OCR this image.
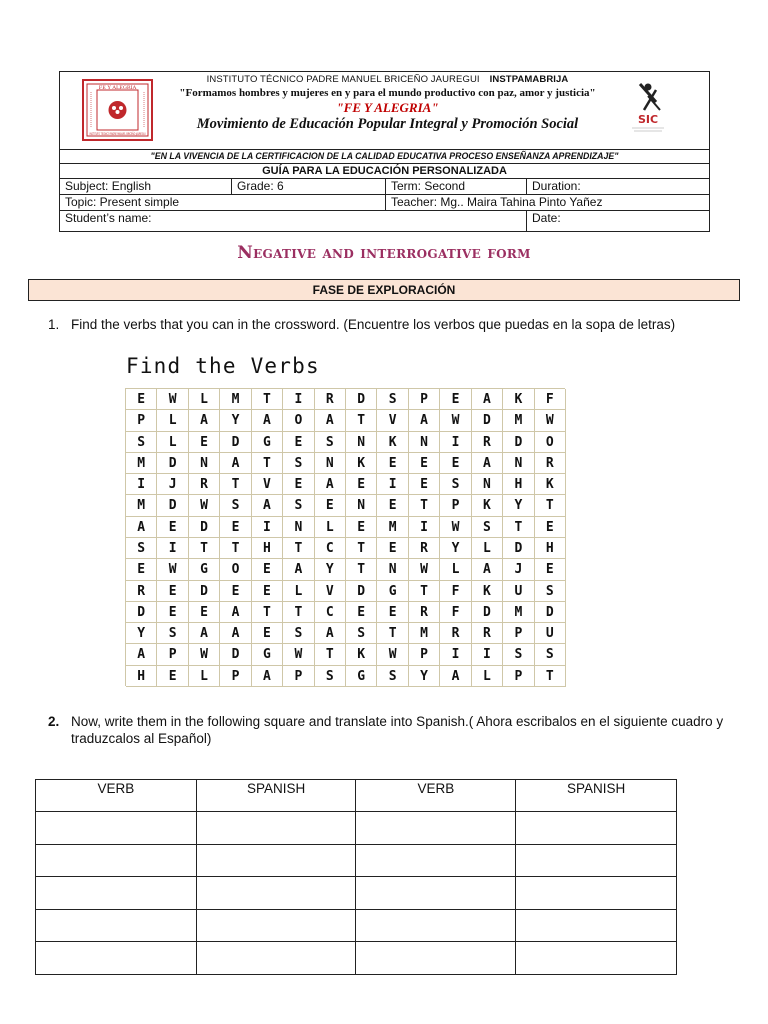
FE Y ALEGRIA
INSTITUTO TECNICO PADRE MANUEL BRICEÑO JAUREGUI
INSTITUTO TÉCNICO PADRE MANUEL BRICEÑO JAUREGUI INSTPAMABRIJA
"Formamos hombres y mujeres en y para el mundo productivo con paz, amor y justicia"
"FE Y ALEGRIA"
Movimiento de Educación Popular Integral y Promoción Social	SIC
"EN LA VIVENCIA DE LA CERTIFICACION DE LA CALIDAD EDUCATIVA PROCESO ENSEÑANZA APRENDIZAJE"
GUÍA PARA LA EDUCACIÓN PERSONALIZADA
Subject: English	Grade: 6	Term: Second	Duration:
Topic: Present simple	Teacher: Mg.. Maira Tahina Pinto Yañez
Student’s name:	Date:
Negative and interrogative form
FASE DE EXPLORACIÓN
1. Find the verbs that you can in the crossword. (Encuentre los verbos que puedas en la sopa de letras)
Find the Verbs
E	W	L	M	T	I	R	D	S	P	E	A	K	F
P	L	A	Y	A	O	A	T	V	A	W	D	M	W
S	L	E	D	G	E	S	N	K	N	I	R	D	O
M	D	N	A	T	S	N	K	E	E	E	A	N	R
I	J	R	T	V	E	A	E	I	E	S	N	H	K
M	D	W	S	A	S	E	N	E	T	P	K	Y	T
A	E	D	E	I	N	L	E	M	I	W	S	T	E
S	I	T	T	H	T	C	T	E	R	Y	L	D	H
E	W	G	O	E	A	Y	T	N	W	L	A	J	E
R	E	D	E	E	L	V	D	G	T	F	K	U	S
D	E	E	A	T	T	C	E	E	R	F	D	M	D
Y	S	A	A	E	S	A	S	T	M	R	R	P	U
A	P	W	D	G	W	T	K	W	P	I	I	S	S
H	E	L	P	A	P	S	G	S	Y	A	L	P	T
2. Now, write them in the following square and translate into Spanish.( Ahora escribalos en el siguiente cuadro y traduzcalos al Español)
VERB	SPANISH	VERB	SPANISH
